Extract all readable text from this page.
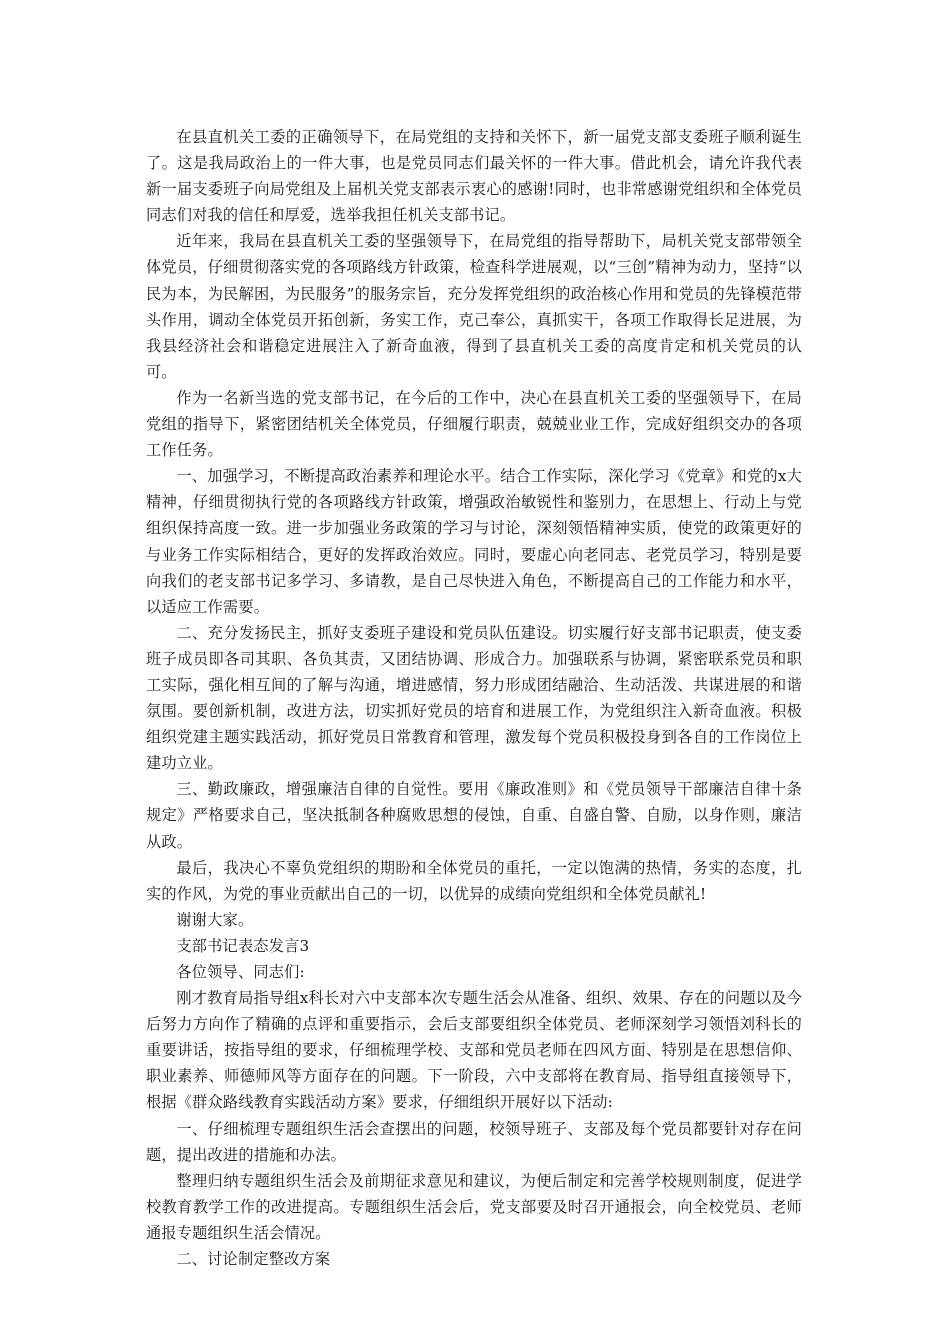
在县直机关工委的正确领导下，在局党组的支持和关怀下，新一届党支部支委班子顺利诞生了。这是我局政治上的一件大事，也是党员同志们最关怀的一件大事。借此机会，请允许我代表新一届支委班子向局党组及上届机关党支部表示衷心的感谢!同时，也非常感谢党组织和全体党员同志们对我的信任和厚爱，选举我担任机关支部书记。

近年来，我局在县直机关工委的坚强领导下，在局党组的指导帮助下，局机关党支部带领全体党员，仔细贯彻落实党的各项路线方针政策，检查科学进展观，以“三创”精神为动力，坚持“以民为本，为民解困，为民服务”的服务宗旨，充分发挥党组织的政治核心作用和党员的先锋模范带头作用，调动全体党员开拓创新，务实工作，克己奉公，真抓实干，各项工作取得长足进展，为我县经济社会和谐稳定进展注入了新奇血液，得到了县直机关工委的高度肯定和机关党员的认可。

作为一名新当选的党支部书记，在今后的工作中，决心在县直机关工委的坚强领导下，在局党组的指导下，紧密团结机关全体党员，仔细履行职责，兢兢业业工作，完成好组织交办的各项工作任务。

一、加强学习，不断提高政治素养和理论水平。结合工作实际，深化学习《党章》和党的x大精神，仔细贯彻执行党的各项路线方针政策，增强政治敏锐性和鉴别力，在思想上、行动上与党组织保持高度一致。进一步加强业务政策的学习与讨论，深刻领悟精神实质，使党的政策更好的与业务工作实际相结合，更好的发挥政治效应。同时，要虚心向老同志、老党员学习，特别是要向我们的老支部书记多学习、多请教，是自己尽快进入角色，不断提高自己的工作能力和水平，以适应工作需要。

二、充分发扬民主，抓好支委班子建设和党员队伍建设。切实履行好支部书记职责，使支委班子成员即各司其职、各负其责，又团结协调、形成合力。加强联系与协调，紧密联系党员和职工实际，强化相互间的了解与沟通，增进感情，努力形成团结融洽、生动活泼、共谋进展的和谐氛围。要创新机制，改进方法，切实抓好党员的培育和进展工作，为党组织注入新奇血液。积极组织党建主题实践活动，抓好党员日常教育和管理，激发每个党员积极投身到各自的工作岗位上建功立业。

三、勤政廉政，增强廉洁自律的自觉性。要用《廉政准则》和《党员领导干部廉洁自律十条规定》严格要求自己，坚决抵制各种腐败思想的侵蚀，自重、自盛自警、自励，以身作则，廉洁从政。

最后，我决心不辜负党组织的期盼和全体党员的重托，一定以饱满的热情，务实的态度，扎实的作风，为党的事业贡献出自己的一切，以优异的成绩向党组织和全体党员献礼!

谢谢大家。

支部书记表态发言3

各位领导、同志们:

刚才教育局指导组x科长对六中支部本次专题生活会从准备、组织、效果、存在的问题以及今后努力方向作了精确的点评和重要指示，会后支部要组织全体党员、老师深刻学习领悟刘科长的重要讲话，按指导组的要求，仔细梳理学校、支部和党员老师在四风方面、特别是在思想信仰、职业素养、师德师风等方面存在的问题。下一阶段，六中支部将在教育局、指导组直接领导下，根据《群众路线教育实践活动方案》要求，仔细组织开展好以下活动:

一、仔细梳理专题组织生活会查摆出的问题，校领导班子、支部及每个党员都要针对存在问题，提出改进的措施和办法。

整理归纳专题组织生活会及前期征求意见和建议，为便后制定和完善学校规则制度，促进学校教育教学工作的改进提高。专题组织生活会后，党支部要及时召开通报会，向全校党员、老师通报专题组织生活会情况。

二、讨论制定整改方案
